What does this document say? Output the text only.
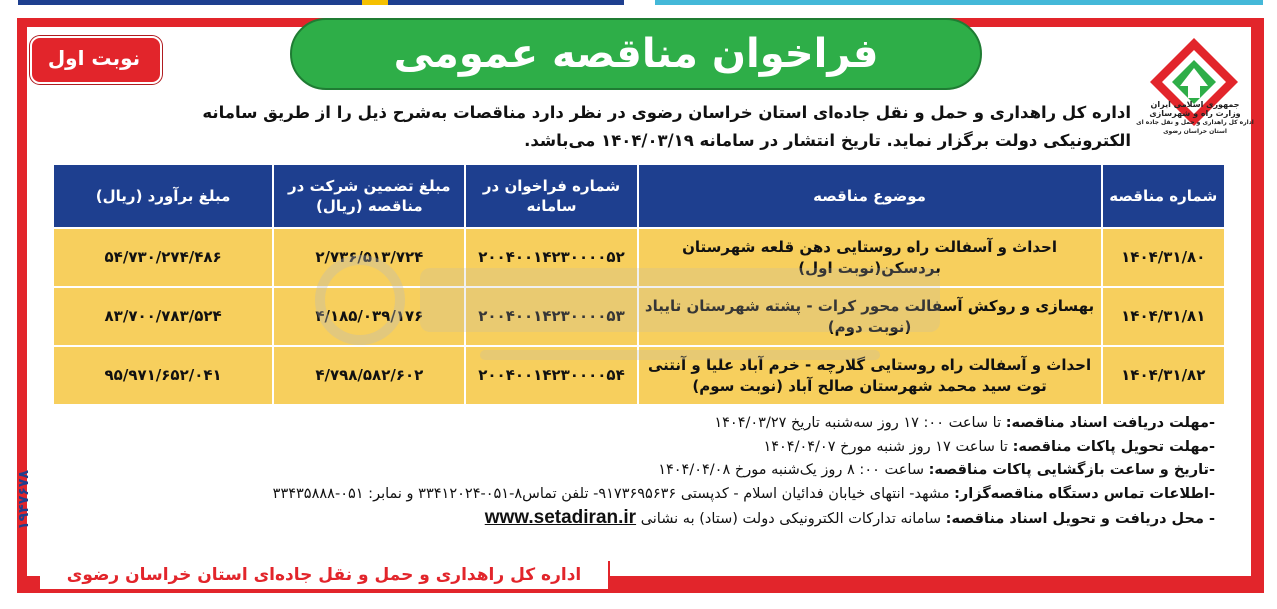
فراخوان مناقصه عمومی
نوبت اول
جمهوری اسلامی ایران
وزارت راه و شهرسازی
اداره کل راهداری و حمل و نقل جاده ای
استان خراسان رضوی
اداره کل راهداری و حمل و نقل جاده‌ای استان خراسان رضوی در نظر دارد مناقصات به‌شرح ذیل را از طریق سامانه
الکترونیکی دولت برگزار نماید. تاریخ انتشار در سامانه ۱۴۰۴/۰۳/۱۹ می‌باشد.
شماره مناقصه	موضوع مناقصه	شماره فراخوان در سامانه	مبلغ تضمین شرکت در مناقصه (ریال)	مبلغ برآورد (ریال)
۱۴۰۴/۳۱/۸۰	احداث و آسفالت راه روستایی دهن قلعه شهرستان بردسکن(نوبت اول)	۲۰۰۴۰۰۱۴۲۳۰۰۰۰۵۲	۲/۷۳۶/۵۱۳/۷۲۴	۵۴/۷۳۰/۲۷۴/۴۸۶
۱۴۰۴/۳۱/۸۱	بهسازی و روکش آسفالت محور کرات - پشته شهرستان تایباد (نوبت دوم)	۲۰۰۴۰۰۱۴۲۳۰۰۰۰۵۳	۴/۱۸۵/۰۳۹/۱۷۶	۸۳/۷۰۰/۷۸۳/۵۲۴
۱۴۰۴/۳۱/۸۲	احداث و آسفالت راه روستایی گلارچه - خرم آباد علیا و آنتنی توت سید محمد شهرستان صالح آباد (نوبت سوم)	۲۰۰۴۰۰۱۴۲۳۰۰۰۰۵۴	۴/۷۹۸/۵۸۲/۶۰۲	۹۵/۹۷۱/۶۵۲/۰۴۱
-مهلت دریافت اسناد مناقصه: تا ساعت ۰۰: ۱۷ روز سه‌شنبه تاریخ ۱۴۰۴/۰۳/۲۷
-مهلت تحویل پاکات مناقصه: تا ساعت ۱۷ روز شنبه مورخ ۱۴۰۴/۰۴/۰۷
-تاریخ و ساعت بازگشایی پاکات مناقصه: ساعت ۰۰: ۸ روز یک‌شنبه مورخ ۱۴۰۴/۰۴/۰۸
-اطلاعات تماس دستگاه مناقصه‌گزار: مشهد- انتهای خیابان فدائیان اسلام - کدپستی ۹۱۷۳۶۹۵۶۳۶- تلفن تماس۸-۰۵۱-۳۳۴۱۲۰۲۴ و نمابر: ۰۵۱-۳۳۴۳۵۸۸۸
- محل دریافت و تحویل اسناد مناقصه: سامانه تدارکات الکترونیکی دولت (ستاد) به نشانی www.setadiran.ir
اداره کل راهداری و حمل و نقل جاده‌ای استان خراسان رضوی
۱۹۴۷۶۷۸
